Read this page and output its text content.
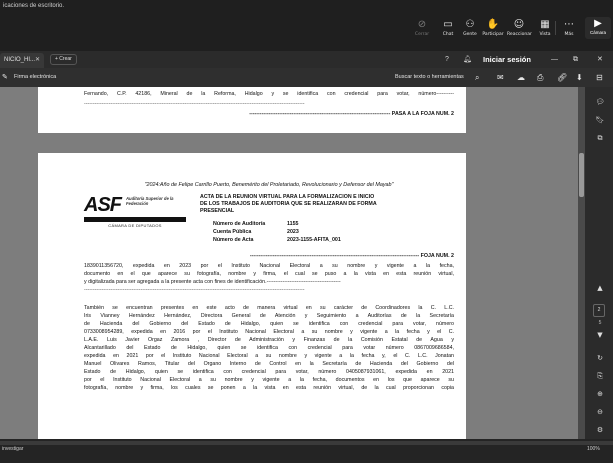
icaciones de escritorio.
⊘
Cerrar
▭
Chat
⚇
Gente
✋
Participar
☺
Reaccionar
▦
Vista
⋯
Más
▶
Cámara
NICIO_HI... ✕	+ Crear	? 🔔︎ Iniciar sesión	— ⧉	✕
✎ Firma electrónica	Buscar texto o herramientas ⌕ ✉ ☁ ⎙ 🔗︎ ⬇ ⊟
Fernando, C.P. 42186, Mineral de la Reforma, Hidalgo y se identifica con credencial para votar, número----------
-----------------------------------------------------------------------------------------------------------------------------
-------------------------------------------------------------------------------- PASA A LA FOJA NÚM. 2
"2024:Año de Felipe Carrillo Puerto, Benemérito del Proletariado, Revolucionario y Defensor del Mayab"
ASF Auditoría Superior de la Federación
CÁMARA DE DIPUTADOS
ACTA DE LA REUNIÓN VIRTUAL PARA LA FORMALIZACIÓN E INICIO
DE LOS TRABAJOS DE AUDITORÍA QUE SE REALIZARÁN DE FORMA
PRESENCIAL
Número de Auditoría	1155
Cuenta Pública	2023
Número de Acta	2023-1155-AFITA_001
------------------------------------------------------------------------------------------------ FOJA NÚM. 2
1839011356720, expedida en 2023 por el Instituto Nacional Electoral a su nombre y vigente a la fecha,
documento en el que aparece su fotografía, nombre y firma, el cual se puso a la vista en esta reunión virtual,
y digitalizada para ser agregada a la presente acta con fines de identificación.------------------------------------------
-----------------------------------------------------------------------------------------------------------------------------
También se encuentran presentes en este acto de manera virtual en su carácter de Coordinadores la C. L.C.
Iris Vianney Hernández Hernández, Directora General de Atención y Seguimiento a Auditorías de la Secretaría
de Hacienda del Gobierno del Estado de Hidalgo, quien se identifica con credencial para votar, número
0733008954289, expedida en 2016 por el Instituto Nacional Electoral a su nombre y vigente a la fecha y el C.
L.A.E. Luis Javier Orgaz Zamora , Director de Administración y Finanzas de la Comisión Estatal de Agua y
Alcantarillado del Estado de Hidalgo, quien se identifica con credencial para votar número 0867009686584,
expedida en 2021 por el Instituto Nacional Electoral a su nombre y vigente a la fecha y, el C. L.C. Jonatan
Manuel Olivares Ramos, Titular del Órgano Interno de Control en la Secretaría de Hacienda del Gobierno del
Estado de Hidalgo, quien se identifica con credencial para votar, número 0405087931061, expedida en 2021
por el Instituto Nacional Electoral a su nombre y vigente a la fecha, documentos en los que aparece su
fotografía, nombre y firma, los cuales se ponen a la vista en esta reunión virtual, de la cual proporcionan copia
💬︎
🔖︎
⧉
▲
2
5
▼
↻
⎘
⊕
⊖
⚙
investigar	100%
